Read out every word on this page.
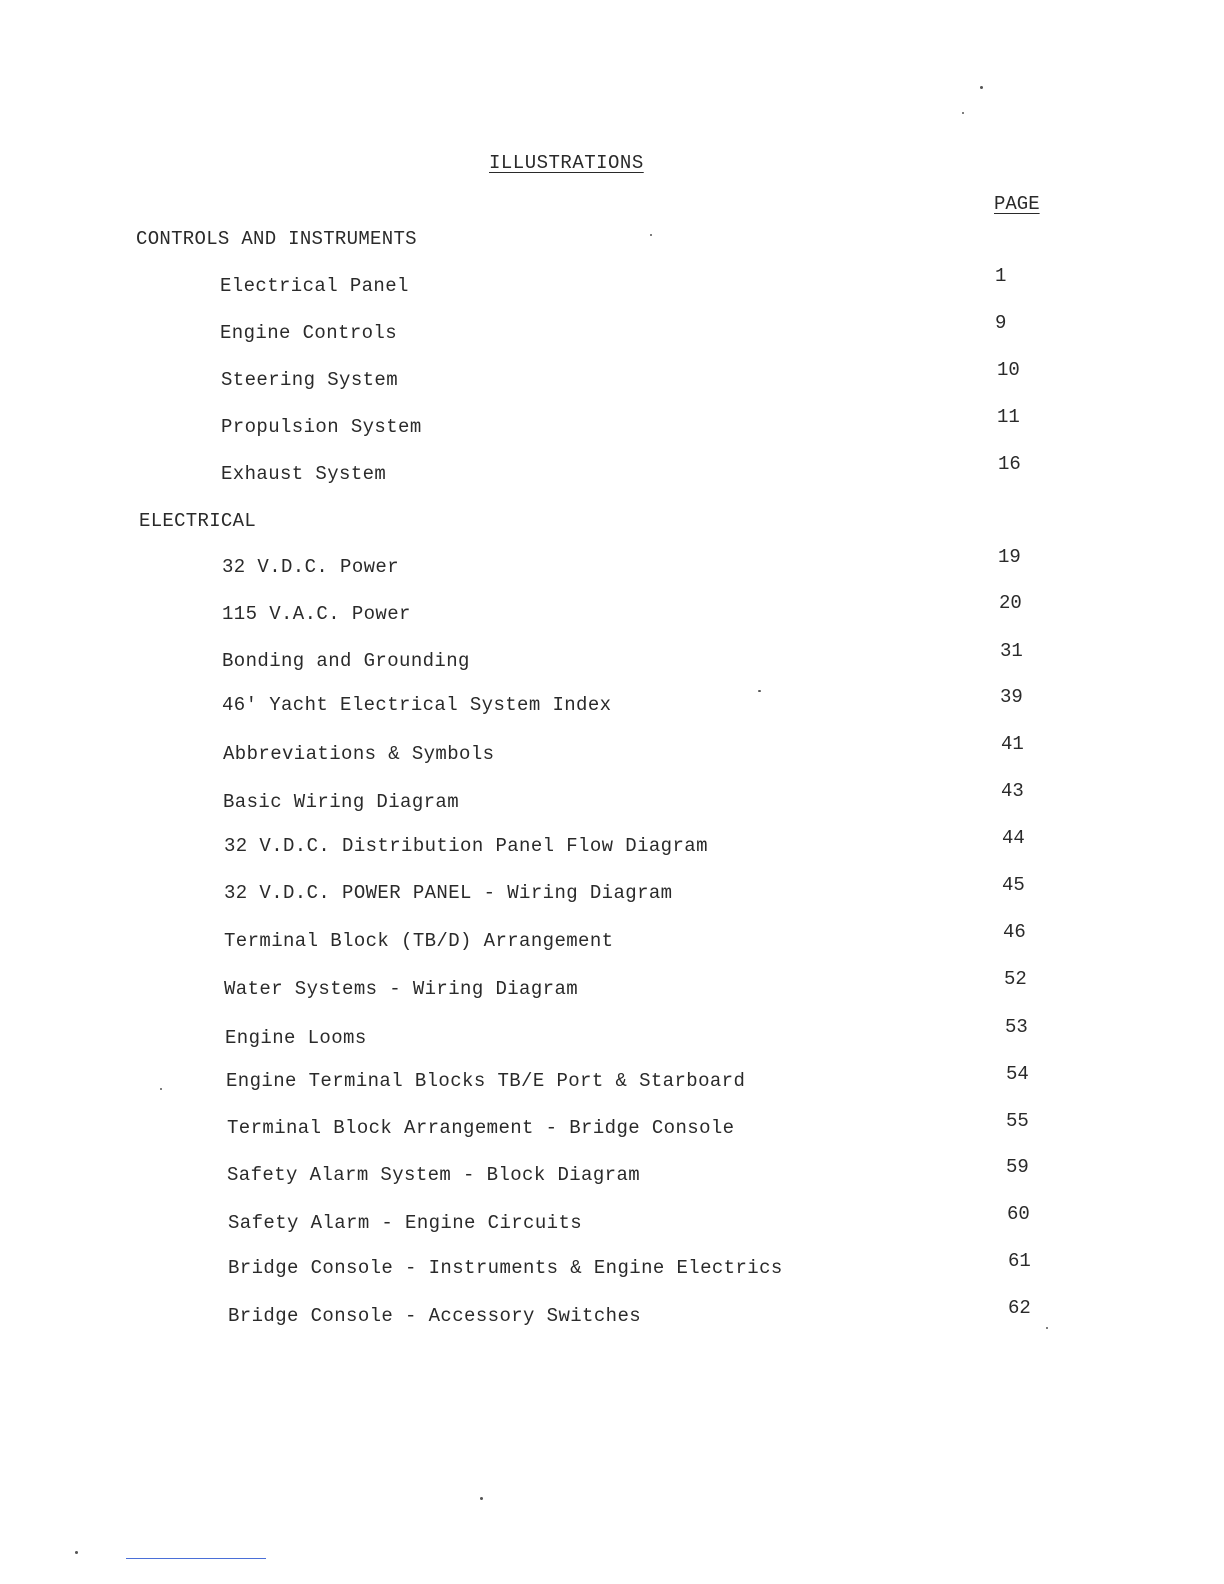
ILLUSTRATIONS
PAGE
CONTROLS AND INSTRUMENTS
Electrical Panel	1
Engine Controls	9
Steering System	10
Propulsion System	11
Exhaust System	16
ELECTRICAL
32 V.D.C. Power	19
115 V.A.C. Power	20
Bonding and Grounding	31
46' Yacht Electrical System Index	39
Abbreviations & Symbols	41
Basic Wiring Diagram	43
32 V.D.C. Distribution Panel Flow Diagram	44
32 V.D.C. POWER PANEL - Wiring Diagram	45
Terminal Block (TB/D) Arrangement	46
Water Systems - Wiring Diagram	52
Engine Looms	53
Engine Terminal Blocks TB/E Port & Starboard	54
Terminal Block Arrangement - Bridge Console	55
Safety Alarm System - Block Diagram	59
Safety Alarm - Engine Circuits	60
Bridge Console - Instruments & Engine Electrics	61
Bridge Console - Accessory Switches	62
